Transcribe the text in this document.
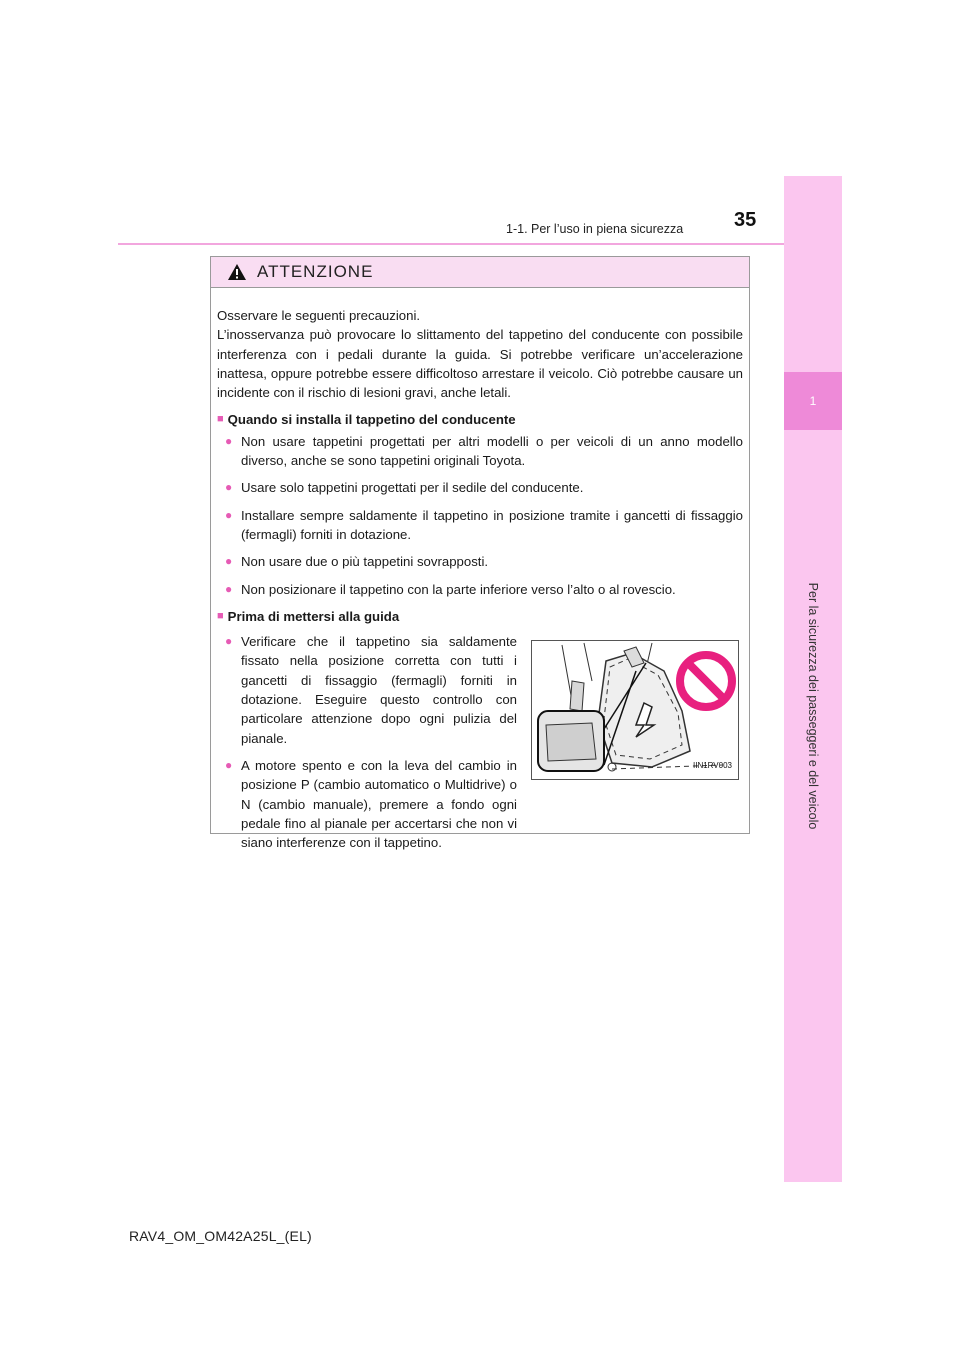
1
Per la sicurezza dei passeggeri e del veicolo
35
1-1. Per l’uso in piena sicurezza
ATTENZIONE

Osservare le seguenti precauzioni.
L’inosservanza può provocare lo slittamento del tappetino del conducente con possibile interferenza con i pedali durante la guida. Si potrebbe verificare un’accelerazione inattesa, oppure potrebbe essere difficoltoso arrestare il veicolo. Ciò potrebbe causare un incidente con il rischio di lesioni gravi, anche letali.

■ Quando si installa il tappetino del conducente
● Non usare tappetini progettati per altri modelli o per veicoli di un anno modello diverso, anche se sono tappetini originali Toyota.
● Usare solo tappetini progettati per il sedile del conducente.
● Installare sempre saldamente il tappetino in posizione tramite i gancetti di fissaggio (fermagli) forniti in dotazione.
● Non usare due o più tappetini sovrapposti.
● Non posizionare il tappetino con la parte inferiore verso l’alto o al rovescio.
■ Prima di mettersi alla guida
● Verificare che il tappetino sia saldamente fissato nella posizione corretta con tutti i gancetti di fissaggio (fermagli) forniti in dotazione. Eseguire questo controllo con particolare attenzione dopo ogni pulizia del pianale.
● A motore spento e con la leva del cambio in posizione P (cambio automatico o Multidrive) o N (cambio manuale), premere a fondo ogni pedale fino al pianale per accertarsi che non vi siano interferenze con il tappetino.
IIN1RV003
RAV4_OM_OM42A25L_(EL)
